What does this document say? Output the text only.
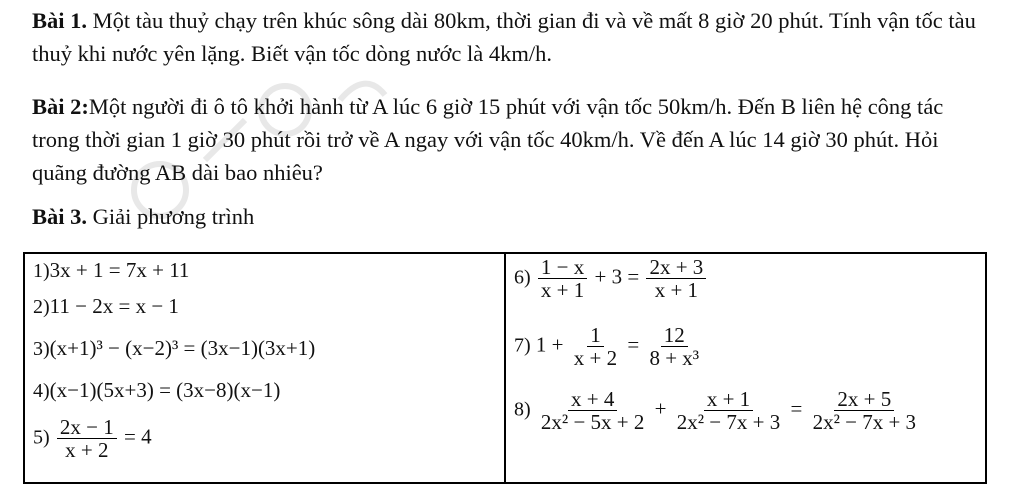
Bài 1. Một tàu thuỷ chạy trên khúc sông dài 80km, thời gian đi và về mất 8 giờ 20 phút. Tính vận tốc tàu thuỷ khi nước yên lặng. Biết vận tốc dòng nước là 4km/h.

Bài 2:Một người đi ô tô khởi hành từ A lúc 6 giờ 15 phút với vận tốc 50km/h. Đến B liên hệ công tác trong thời gian 1 giờ 30 phút rồi trở về A ngay với vận tốc 40km/h. Về đến A lúc 14 giờ 30 phút. Hỏi quãng đường AB dài bao nhiêu?

Bài 3. Giải phương trình

1)3x + 1 = 7x + 11
2)11 − 2x = x − 1
3)(x+1)³ − (x−2)³ = (3x−1)(3x+1)
4)(x−1)(5x+3) = (3x−8)(x−1)
$5) \frac{2x - 1}{x + 2} = 4$

$6) \frac{1 - x}{x + 1} + 3 = \frac{2x + 3}{x + 1}$
7) $1 + \frac{1}{x + 2} = \frac{12}{\text{8 + x³}}$
$8) \frac{x + 4}{\text{2x² − 5x + 2}} + \frac{x + 1}{\text{2x² − 7x + 3}} = \frac{2x + 5}{\text{2x² − 7x + 3}}$
